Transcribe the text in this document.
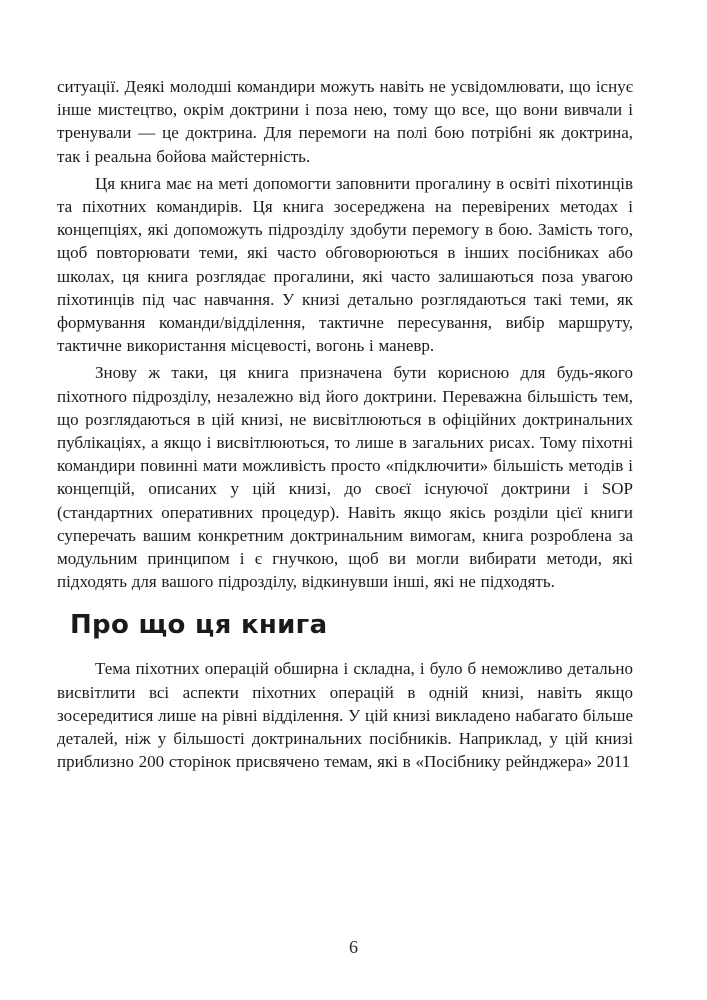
ситуації. Деякі молодші командири можуть навіть не усвідомлювати, що існує інше мистецтво, окрім доктрини і поза нею, тому що все, що вони вивчали і тренували — це доктрина. Для перемоги на полі бою потрібні як доктрина, так і реальна бойова майстерність.

Ця книга має на меті допомогти заповнити прогалину в освіті піхотинців та піхотних командирів. Ця книга зосереджена на перевірених методах і концепціях, які допоможуть підрозділу здобути перемогу в бою. Замість того, щоб повторювати теми, які часто обговорюються в інших посібниках або школах, ця книга розглядає прогалини, які часто залишаються поза увагою піхотинців під час навчання. У книзі детально розглядаються такі теми, як формування команди/відділення, тактичне пересування, вибір маршруту, тактичне використання місцевості, вогонь і маневр.

Знову ж таки, ця книга призначена бути корисною для будь-якого піхотного підрозділу, незалежно від його доктрини. Переважна більшість тем, що розглядаються в цій книзі, не висвітлюються в офіційних доктринальних публікаціях, а якщо і висвітлюються, то лише в загальних рисах. Тому піхотні командири повинні мати можливість просто «підключити» більшість методів і концепцій, описаних у цій книзі, до своєї існуючої доктрини і SOP (стандартних оперативних процедур). Навіть якщо якісь розділи цієї книги суперечать вашим конкретним доктринальним вимогам, книга розроблена за модульним принципом і є гнучкою, щоб ви могли вибирати методи, які підходять для вашого підрозділу, відкинувши інші, які не підходять.

Про що ця книга

Тема піхотних операцій обширна і складна, і було б неможливо детально висвітлити всі аспекти піхотних операцій в одній книзі, навіть якщо зосередитися лише на рівні відділення. У цій книзі викладено набагато більше деталей, ніж у більшості доктринальних посібників. Наприклад, у цій книзі приблизно 200 сторінок присвячено темам, які в «Посібнику рейнджера» 2011

6
